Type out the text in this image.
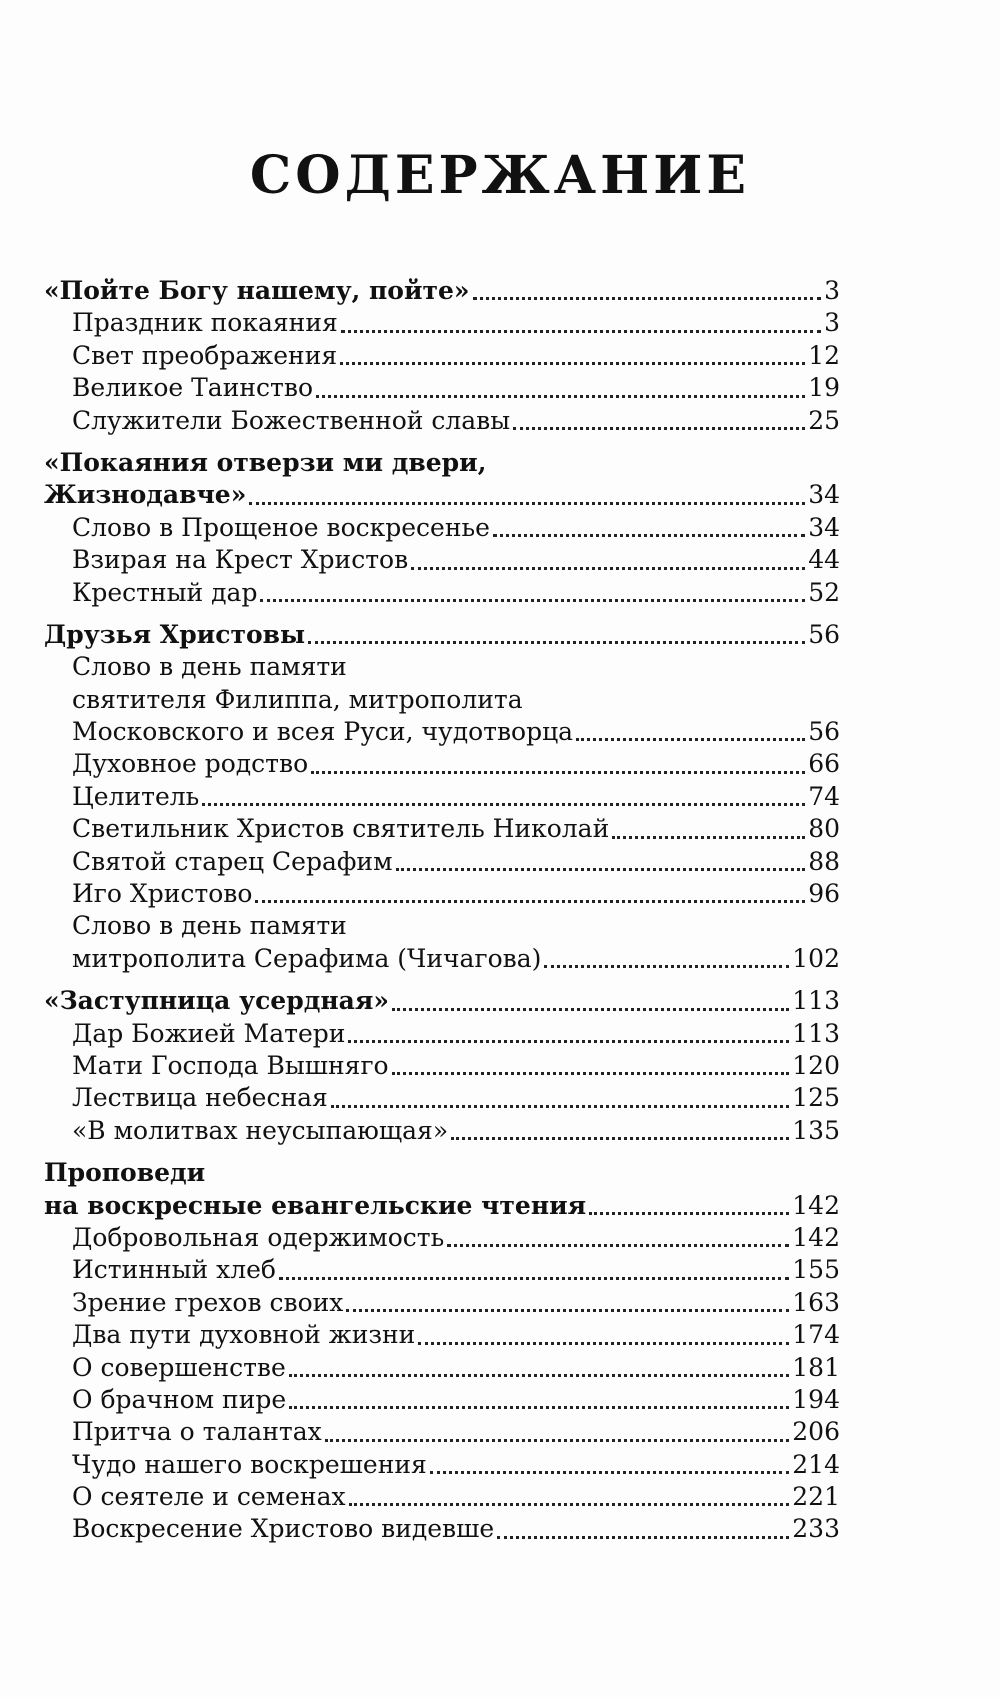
СОДЕРЖАНИЕ
«Пойте Богу нашему, пойте»	3
Праздник покаяния	3
Свет преображения	12
Великое Таинство	19
Служители Божественной славы	25
«Покаяния отверзи ми двери,
Жизнодавче»	34
Слово в Прощеное воскресенье	34
Взирая на Крест Христов	44
Крестный дар	52
Друзья Христовы	56
Слово в день памяти
святителя Филиппа, митрополита
Московского и всея Руси, чудотворца	56
Духовное родство	66
Целитель	74
Светильник Христов святитель Николай	80
Святой старец Серафим	88
Иго Христово	96
Слово в день памяти
митрополита Серафима (Чичагова)	102
«Заступница усердная»	113
Дар Божией Матери	113
Мати Господа Вышняго	120
Лествица небесная	125
«В молитвах неусыпающая»	135
Проповеди
на воскресные евангельские чтения	142
Добровольная одержимость	142
Истинный хлеб	155
Зрение грехов своих	163
Два пути духовной жизни	174
О совершенстве	181
О брачном пире	194
Притча о талантах	206
Чудо нашего воскрешения	214
О сеятеле и семенах	221
Воскресение Христово видевше	233
